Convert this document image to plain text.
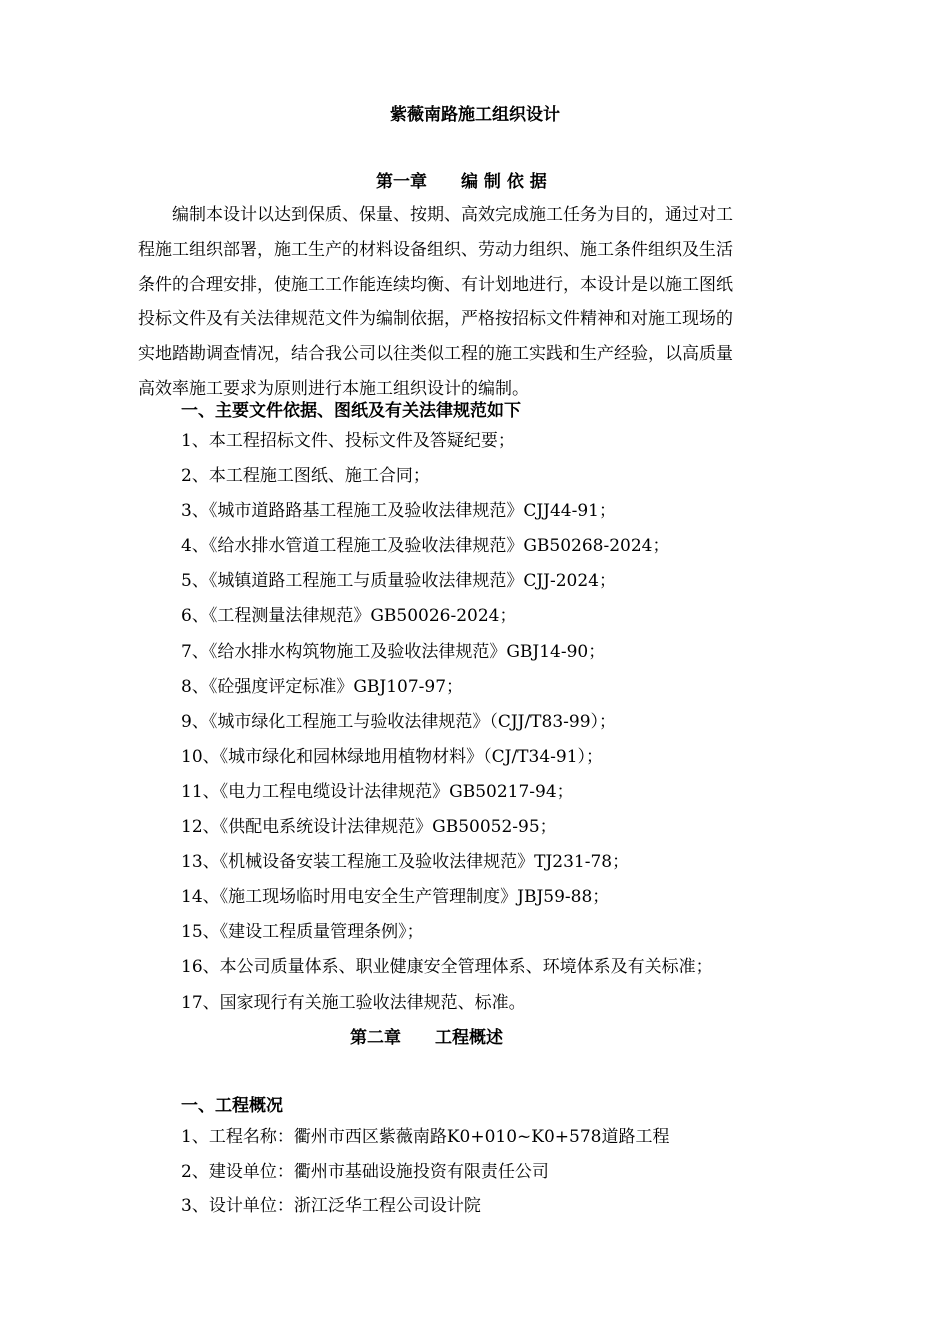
紫薇南路施工组织设计
第一章　　编 制 依 据
　　编制本设计以达到保质、保量、按期、高效完成施工任务为目的，通过对工
程施工组织部署，施工生产的材料设备组织、劳动力组织、施工条件组织及生活
条件的合理安排，使施工工作能连续均衡、有计划地进行，本设计是以施工图纸
投标文件及有关法律规范文件为编制依据，严格按招标文件精神和对施工现场的
实地踏勘调查情况，结合我公司以往类似工程的施工实践和生产经验，以高质量
高效率施工要求为原则进行本施工组织设计的编制。
一、主要文件依据、图纸及有关法律规范如下
1、本工程招标文件、投标文件及答疑纪要；
2、本工程施工图纸、施工合同；
3、《城市道路路基工程施工及验收法律规范》CJJ44-91；
4、《给水排水管道工程施工及验收法律规范》GB50268-2024；
5、《城镇道路工程施工与质量验收法律规范》CJJ-2024；
6、《工程测量法律规范》GB50026-2024；
7、《给水排水构筑物施工及验收法律规范》GBJ14-90；
8、《砼强度评定标准》GBJ107-97；
9、《城市绿化工程施工与验收法律规范》（CJJ/T83-99）；
10、《城市绿化和园林绿地用植物材料》（CJ/T34-91）；
11、《电力工程电缆设计法律规范》GB50217-94；
12、《供配电系统设计法律规范》GB50052-95；
13、《机械设备安装工程施工及验收法律规范》TJ231-78；
14、《施工现场临时用电安全生产管理制度》JBJ59-88；
15、《建设工程质量管理条例》；
16、本公司质量体系、职业健康安全管理体系、环境体系及有关标准；
17、国家现行有关施工验收法律规范、标准。
第二章　　工程概述
一、工程概况
1、工程名称：衢州市西区紫薇南路K0+010~K0+578道路工程
2、建设单位：衢州市基础设施投资有限责任公司
3、设计单位：浙江泛华工程公司设计院
